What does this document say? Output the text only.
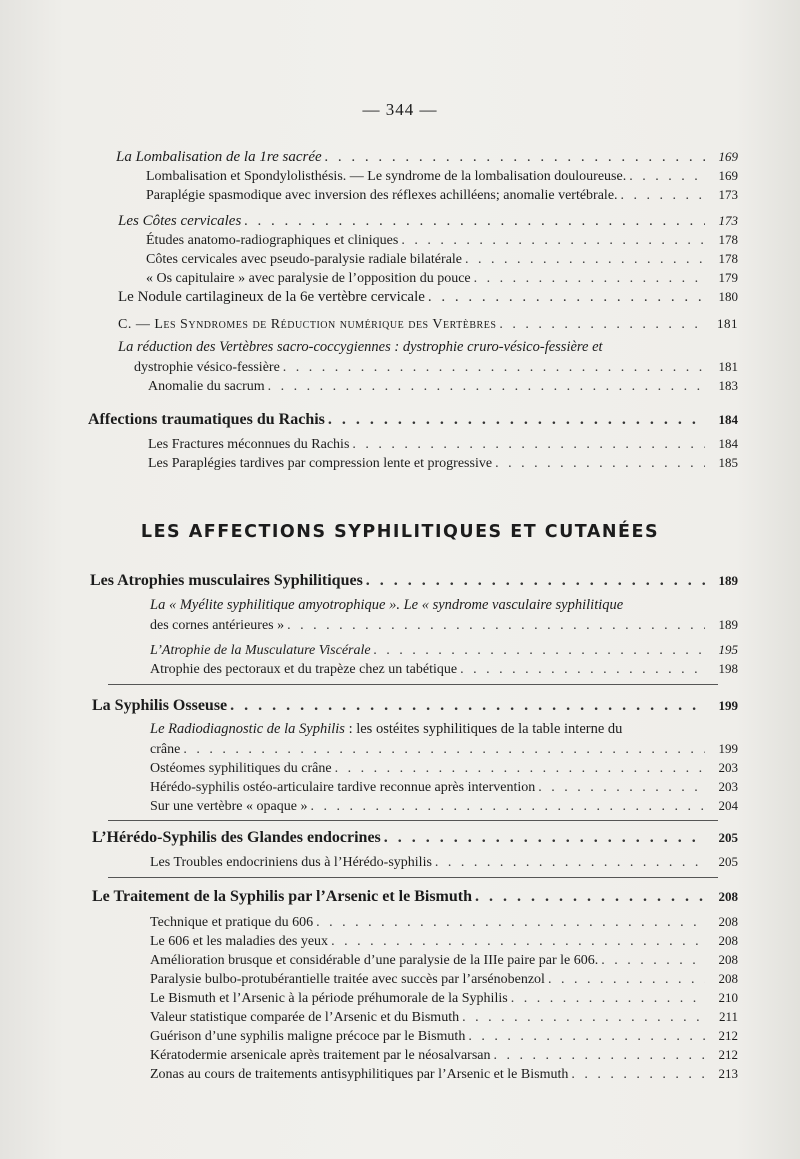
— 344 —
La Lombalisation de la 1re sacrée . . .	169
Lombalisation et Spondylolisthésis. — Le syndrome de la lombalisation douloureuse. . . .	169
Paraplégie spasmodique avec inversion des réflexes achilléens; anomalie vertébrale. . . .	173
Les Côtes cervicales . . .	173
Études anatomo-radiographiques et cliniques . . .	178
Côtes cervicales avec pseudo-paralysie radiale bilatérale . . .	178
« Os capitulaire » avec paralysie de l’opposition du pouce . . .	179
Le Nodule cartilagineux de la 6e vertèbre cervicale . . .	180
C. — Les Syndromes de Réduction numérique des Vertèbres . . .	181
La réduction des Vertèbres sacro-coccygiennes : dystrophie cruro-vésico-fessière et
dystrophie vésico-fessière . . .	181
Anomalie du sacrum . . .	183
Affections traumatiques du Rachis . . .	184
Les Fractures méconnues du Rachis . . .	184
Les Paraplégies tardives par compression lente et progressive . . .	185
LES AFFECTIONS SYPHILITIQUES ET CUTANÉES
Les Atrophies musculaires Syphilitiques . . .	189
La « Myélite syphilitique amyotrophique ». Le « syndrome vasculaire syphilitique
des cornes antérieures » . . .	189
L’Atrophie de la Musculature Viscérale . . .	195
Atrophie des pectoraux et du trapèze chez un tabétique . . .	198
La Syphilis Osseuse . . .	199
Le Radiodiagnostic de la Syphilis : les ostéites syphilitiques de la table interne du
crâne . . .	199
Ostéomes syphilitiques du crâne . . .	203
Hérédo-syphilis ostéo-articulaire tardive reconnue après intervention . . .	203
Sur une vertèbre « opaque » . . .	204
L’Hérédo-Syphilis des Glandes endocrines . . .	205
Les Troubles endocriniens dus à l’Hérédo-syphilis . . .	205
Le Traitement de la Syphilis par l’Arsenic et le Bismuth . . .	208
Technique et pratique du 606 . . .	208
Le 606 et les maladies des yeux . . .	208
Amélioration brusque et considérable d’une paralysie de la IIIe paire par le 606. . . .	208
Paralysie bulbo-protubérantielle traitée avec succès par l’arsénobenzol . . .	208
Le Bismuth et l’Arsenic à la période préhumorale de la Syphilis . . .	210
Valeur statistique comparée de l’Arsenic et du Bismuth . . .	211
Guérison d’une syphilis maligne précoce par le Bismuth . . .	212
Kératodermie arsenicale après traitement par le néosalvarsan . . .	212
Zonas au cours de traitements antisyphilitiques par l’Arsenic et le Bismuth . . .	213
